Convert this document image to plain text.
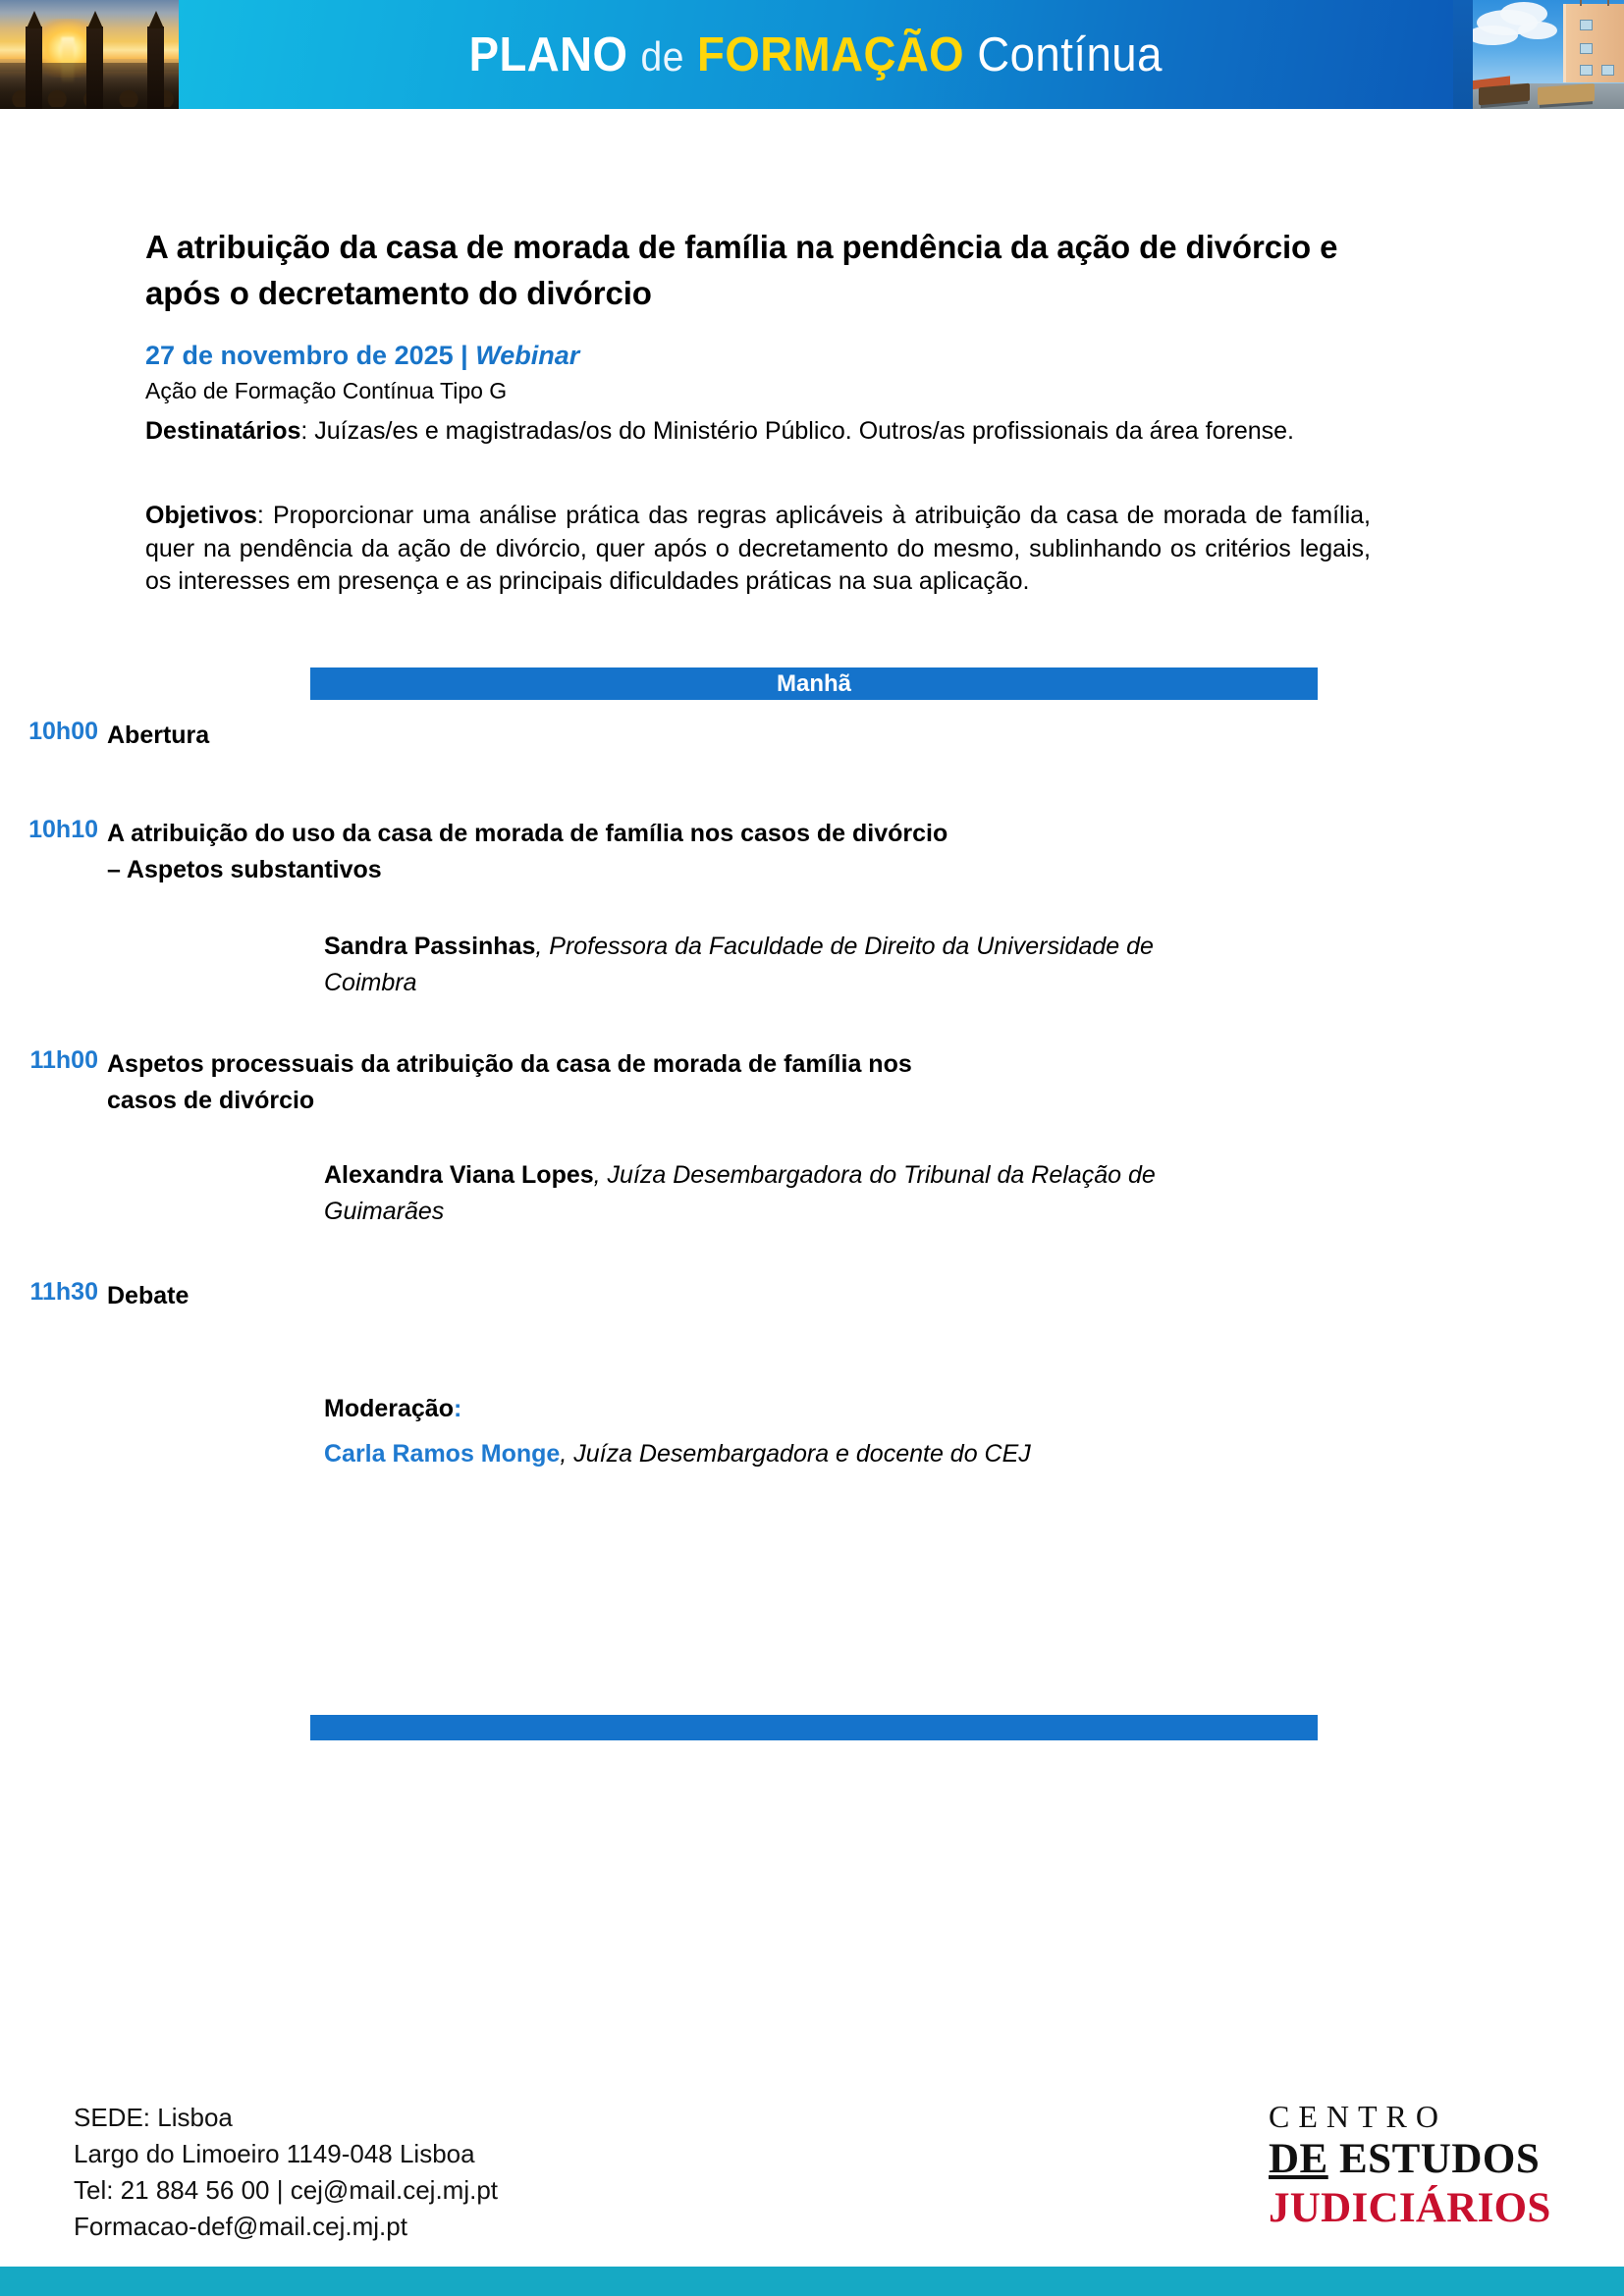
PLANO de FORMAÇÃO Contínua
A atribuição da casa de morada de família na pendência da ação de divórcio e após o decretamento do divórcio
27 de novembro de 2025 | Webinar
Ação de Formação Contínua Tipo G
Destinatários: Juízas/es e magistradas/os do Ministério Público. Outros/as profissionais da área forense.
Objetivos: Proporcionar uma análise prática das regras aplicáveis à atribuição da casa de morada de família, quer na pendência da ação de divórcio, quer após o decretamento do mesmo, sublinhando os critérios legais, os interesses em presença e as principais dificuldades práticas na sua aplicação.
Manhã
10h00 Abertura
10h10 A atribuição do uso da casa de morada de família nos casos de divórcio – Aspetos substantivos
Sandra Passinhas, Professora da Faculdade de Direito da Universidade de Coimbra
11h00 Aspetos processuais da atribuição da casa de morada de família nos casos de divórcio
Alexandra Viana Lopes, Juíza Desembargadora do Tribunal da Relação de Guimarães
11h30 Debate
Moderação:
Carla Ramos Monge, Juíza Desembargadora e docente do CEJ
SEDE: Lisboa
Largo do Limoeiro 1149-048 Lisboa
Tel: 21 884 56 00 | cej@mail.cej.mj.pt
Formacao-def@mail.cej.mj.pt
CENTRO
DE ESTUDOS
JUDICIÁRIOS
